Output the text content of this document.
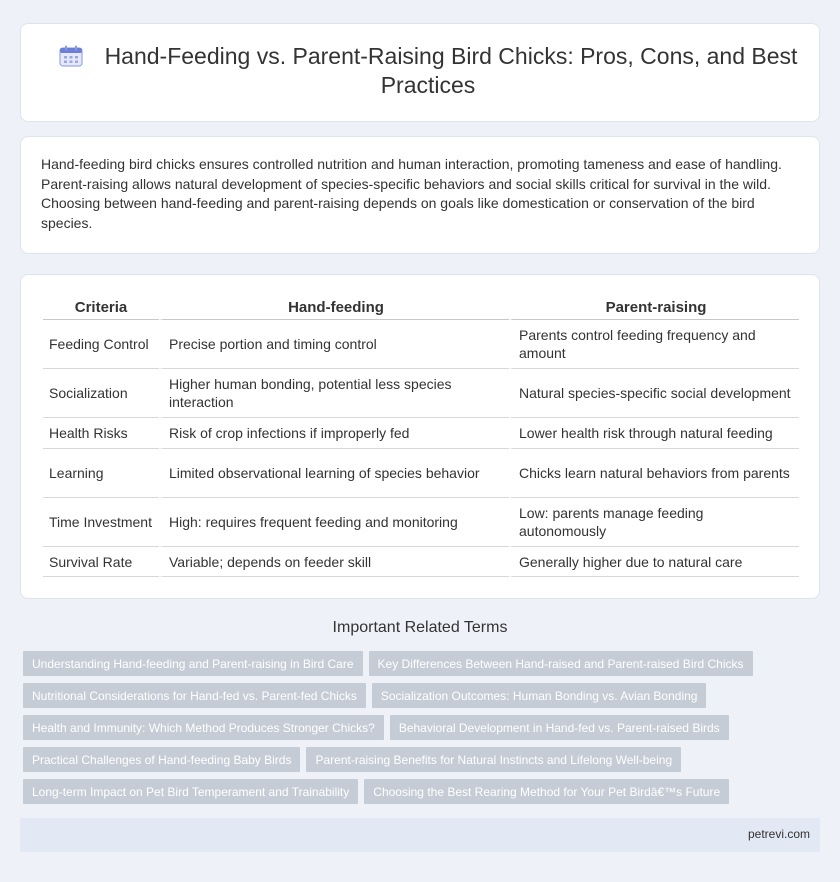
Hand-Feeding vs. Parent-Raising Bird Chicks: Pros, Cons, and Best Practices

Hand-feeding bird chicks ensures controlled nutrition and human interaction, promoting tameness and ease of handling. Parent-raising allows natural development of species-specific behaviors and social skills critical for survival in the wild. Choosing between hand-feeding and parent-raising depends on goals like domestication or conservation of the bird species.

Criteria	Hand-feeding	Parent-raising
Feeding Control	Precise portion and timing control	Parents control feeding frequency and amount
Socialization	Higher human bonding, potential less species interaction	Natural species-specific social development
Health Risks	Risk of crop infections if improperly fed	Lower health risk through natural feeding
Learning	Limited observational learning of species behavior	Chicks learn natural behaviors from parents
Time Investment	High: requires frequent feeding and monitoring	Low: parents manage feeding autonomously
Survival Rate	Variable; depends on feeder skill	Generally higher due to natural care
Important Related Terms
Understanding Hand-feeding and Parent-raising in Bird Care Key Differences Between Hand-raised and Parent-raised Bird Chicks
Nutritional Considerations for Hand-fed vs. Parent-fed Chicks Socialization Outcomes: Human Bonding vs. Avian Bonding
Health and Immunity: Which Method Produces Stronger Chicks? Behavioral Development in Hand-fed vs. Parent-raised Birds
Practical Challenges of Hand-feeding Baby Birds Parent-raising Benefits for Natural Instincts and Lifelong Well-being
Long-term Impact on Pet Bird Temperament and Trainability Choosing the Best Rearing Method for Your Pet Birdâ€™s Future
petrevi.com
